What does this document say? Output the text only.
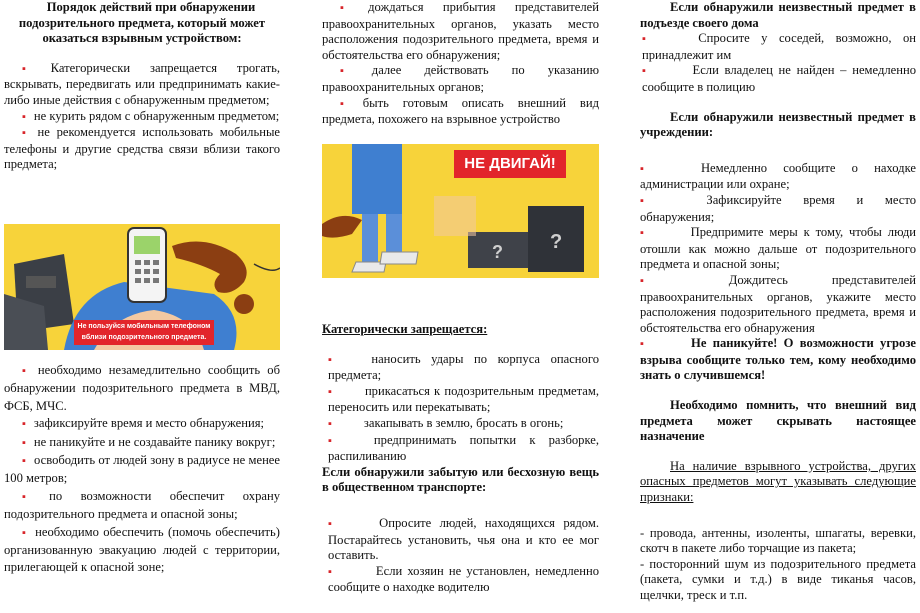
Порядок действий при обнаружении подозрительного предмета, который может оказаться взрывным устройством:

▪ Категорически запрещается трогать, вскрывать, передвигать или предпринимать какие-либо иные действия с обнаруженным предметом;

▪ не курить рядом с обнаруженным предметом;

▪ не рекомендуется использовать мобильные телефоны и другие средства связи вблизи такого предмета;

Не пользуйся мобильным телефоном
вблизи подозрительного предмета.

▪ необходимо незамедлительно сообщить об обнаружении подозрительного предмета в МВД, ФСБ, МЧС.

▪ зафиксируйте время и место обнаружения;

▪ не паникуйте и не создавайте панику вокруг;

▪ освободить от людей зону в радиусе не менее 100 метров;

▪ по возможности обеспечит охрану подозрительного предмета и опасной зоны;

▪ необходимо обеспечить (помочь обеспечить) организованную эвакуацию людей с территории, прилегающей к опасной зоне;

▪ дождаться прибытия представителей правоохранительных органов, указать место расположения подозрительного предмета, время и обстоятельства его обнаружения;

▪ далее действовать по указанию правоохранительных органов;

▪ быть готовым описать внешний вид предмета, похожего на взрывное устройство

? ?
НЕ ДВИГАЙ!

Категорически запрещается:

▪ наносить удары по корпуса опасного предмета;

▪ прикасаться к подозрительным предметам, переносить или перекатывать;

▪ закапывать в землю, бросать в огонь;

▪ предпринимать попытки к разборке, распиливанию

Если обнаружили забытую или бесхозную вещь в общественном транспорте:

▪ Опросите людей, находящихся рядом. Постарайтесь установить, чья она и кто ее мог оставить.

▪ Если хозяин не установлен, немедленно сообщите о находке водителю

Если обнаружили неизвестный предмет в подъезде своего дома

▪ Спросите у соседей, возможно, он принадлежит им

▪ Если владелец не найден – немедленно сообщите в полицию

Если обнаружили неизвестный предмет в учреждении:

▪ Немедленно сообщите о находке администрации или охране;

▪ Зафиксируйте время и место обнаружения;

▪ Предпримите меры к тому, чтобы люди отошли как можно дальше от подозрительного предмета и опасной зоны;

▪ Дождитесь представителей правоохранительных органов, укажите место расположения подозрительного предмета, время и обстоятельства его обнаружения

▪ Не паникуйте! О возможности угрозе взрыва сообщите только тем, кому необходимо знать о случившемся!

Необходимо помнить, что внешний вид предмета может скрывать настоящее назначение

На наличие взрывного устройства, других опасных предметов могут указывать следующие признаки:

- провода, антенны, изоленты, шпагаты, веревки, скотч в пакете либо торчащие из пакета;

- посторонний шум из подозрительного предмета (пакета, сумки и т.д.) в виде тиканья часов, щелчки, треск и т.п.
